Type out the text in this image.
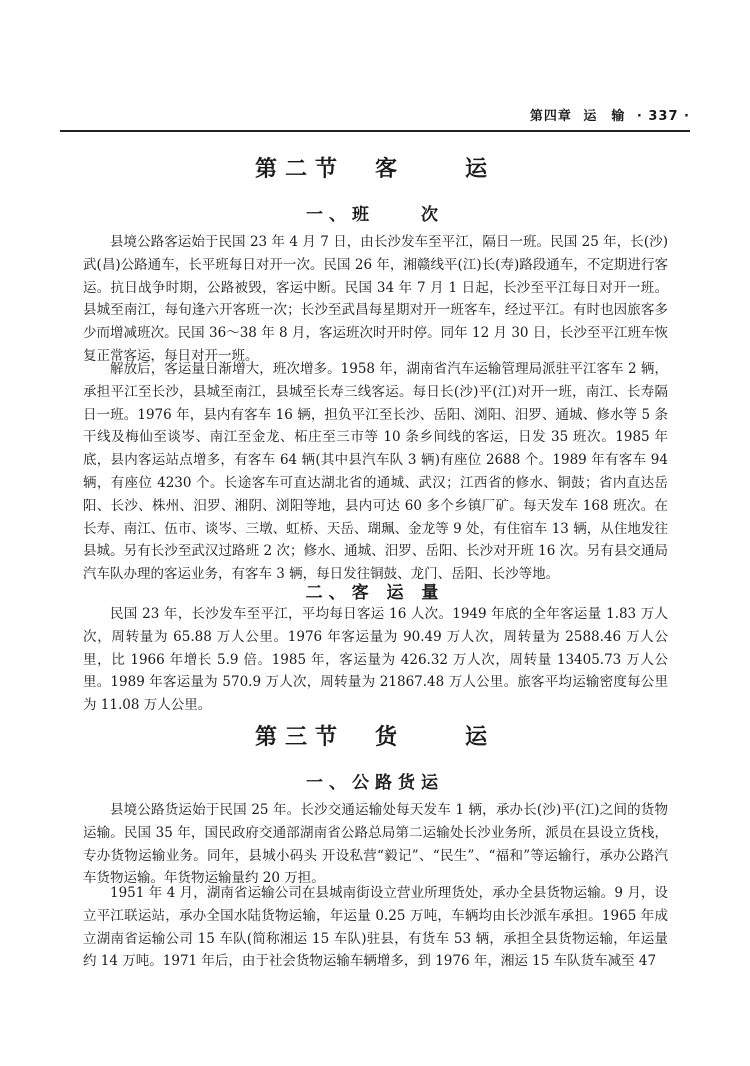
第四章 运　输 · 337 ·
第二节　客　　运
一、班　　次

县境公路客运始于民国 23 年 4 月 7 日，由长沙发车至平江，隔日一班。民国 25 年，长(沙)武(昌)公路通车，长平班每日对开一次。民国 26 年，湘赣线平(江)长(寿)路段通车，不定期进行客运。抗日战争时期，公路被毁，客运中断。民国 34 年 7 月 1 日起，长沙至平江每日对开一班。县城至南江，每旬逢六开客班一次；长沙至武昌每星期对开一班客车，经过平江。有时也因旅客多少而增减班次。民国 36～38 年 8 月，客运班次时开时停。同年 12 月 30 日，长沙至平江班车恢复正常客运，每日对开一班。

解放后，客运量日渐增大，班次增多。1958 年，湖南省汽车运输管理局派驻平江客车 2 辆，承担平江至长沙，县城至南江，县城至长寿三线客运。每日长(沙)平(江)对开一班，南江、长寿隔日一班。1976 年，县内有客车 16 辆，担负平江至长沙、岳阳、浏阳、汨罗、通城、修水等 5 条干线及梅仙至谈岑、南江至金龙、柘庄至三市等 10 条乡间线的客运，日发 35 班次。1985 年底，县内客运站点增多，有客车 64 辆(其中县汽车队 3 辆)有座位 2688 个。1989 年有客车 94 辆，有座位 4230 个。长途客车可直达湖北省的通城、武汉；江西省的修水、铜鼓；省内直达岳阳、长沙、株州、汨罗、湘阴、浏阳等地，县内可达 60 多个乡镇厂矿。每天发车 168 班次。在长寿、南江、伍市、谈岑、三墩、虹桥、天岳、瑚珮、金龙等 9 处，有住宿车 13 辆，从住地发往县城。另有长沙至武汉过路班 2 次；修水、通城、汨罗、岳阳、长沙对开班 16 次。另有县交通局汽车队办理的客运业务，有客车 3 辆，每日发往铜鼓、龙门、岳阳、长沙等地。

二、客 运 量

民国 23 年，长沙发车至平江，平均每日客运 16 人次。1949 年底的全年客运量 1.83 万人次，周转量为 65.88 万人公里。1976 年客运量为 90.49 万人次，周转量为 2588.46 万人公里，比 1966 年增长 5.9 倍。1985 年，客运量为 426.32 万人次，周转量 13405.73 万人公里。1989 年客运量为 570.9 万人次，周转量为 21867.48 万人公里。旅客平均运输密度每公里为 11.08 万人公里。

第三节　货　　运
一、公路货运

县境公路货运始于民国 25 年。长沙交通运输处每天发车 1 辆，承办长(沙)平(江)之间的货物运输。民国 35 年，国民政府交通部湖南省公路总局第二运输处长沙业务所，派员在县设立货栈，专办货物运输业务。同年，县城小码头 开设私营“毅记”、“民生”、“福和”等运输行，承办公路汽车货物运输。年货物运输量约 20 万担。

1951 年 4 月，湖南省运输公司在县城南街设立营业所理货处，承办全县货物运输。9 月，设立平江联运站，承办全国水陆货物运输，年运量 0.25 万吨，车辆均由长沙派车承担。1965 年成立湖南省运输公司 15 车队(简称湘运 15 车队)驻县，有货车 53 辆，承担全县货物运输，年运量约 14 万吨。1971 年后，由于社会货物运输车辆增多，到 1976 年，湘运 15 车队货车减至 47
